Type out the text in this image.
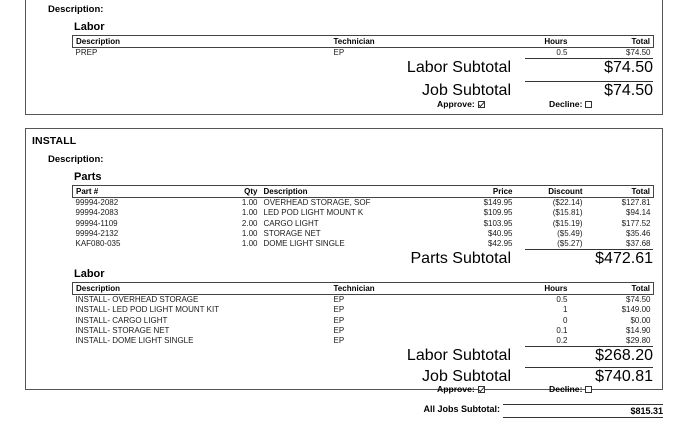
Description:
Labor
Description	Technician	Hours	Total
PREP	EP	0.5	$74.50
Labor Subtotal	$74.50
Job Subtotal	$74.50
Approve:	Decline:
INSTALL
Description:
Parts
Part #	Qty	Description	Price	Discount	Total
99994-2082	1.00	OVERHEAD STORAGE, SOF	$149.95	($22.14)	$127.81
99994-2083	1.00	LED POD LIGHT MOUNT K	$109.95	($15.81)	$94.14
99994-1109	2.00	CARGO LIGHT	$103.95	($15.19)	$177.52
99994-2132	1.00	STORAGE NET	$40.95	($5.49)	$35.46
KAF080-035	1.00	DOME LIGHT SINGLE	$42.95	($5.27)	$37.68
Parts Subtotal	$472.61
Labor
Description	Technician	Hours	Total
INSTALL- OVERHEAD STORAGE	EP	0.5	$74.50
INSTALL- LED POD LIGHT MOUNT KIT	EP	1	$149.00
INSTALL- CARGO LIGHT	EP	0	$0.00
INSTALL- STORAGE NET	EP	0.1	$14.90
INSTALL- DOME LIGHT SINGLE	EP	0.2	$29.80
Labor Subtotal	$268.20
Job Subtotal	$740.81
Approve:	Decline:
All Jobs Subtotal:	$815.31
